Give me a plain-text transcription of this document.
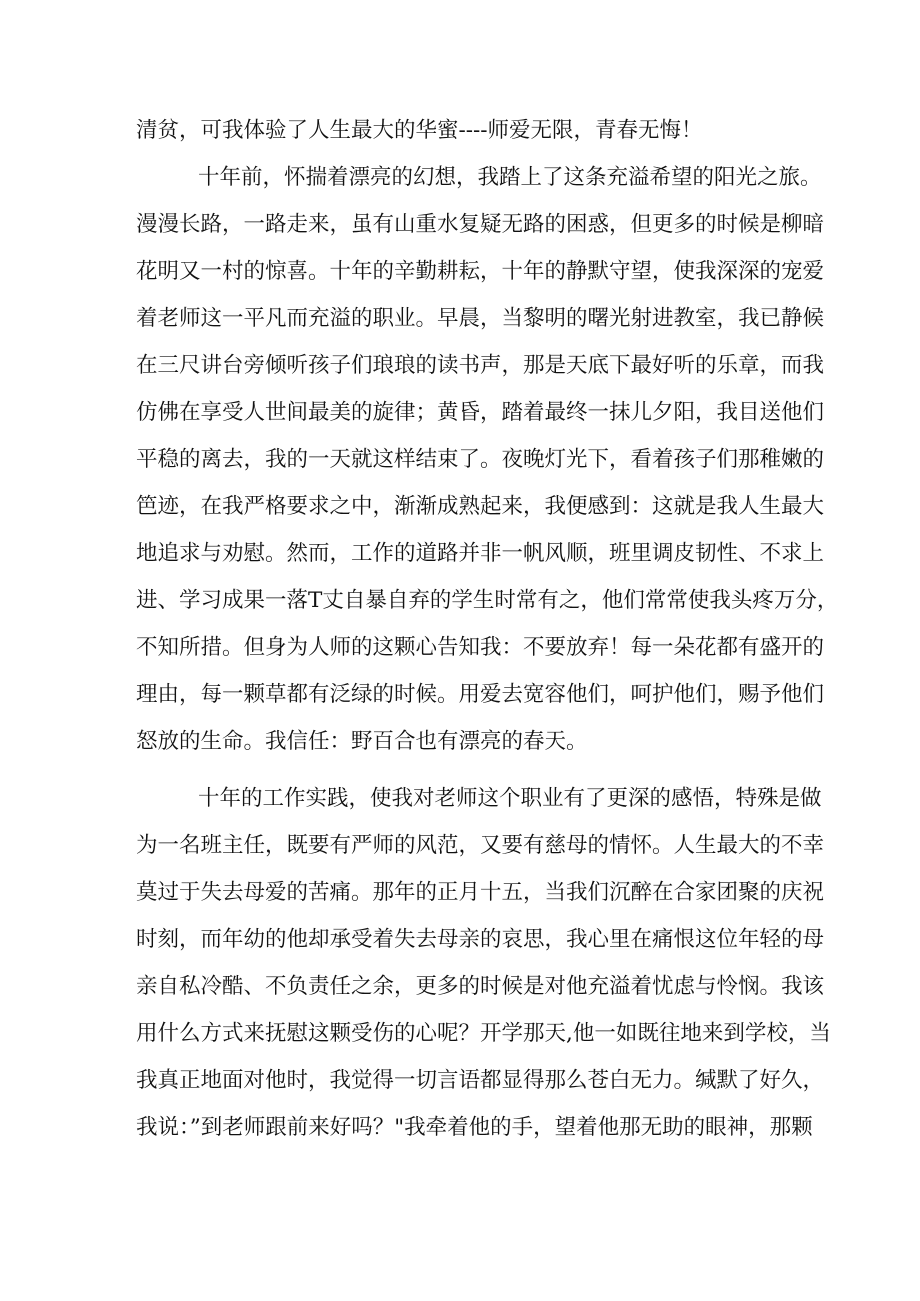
清贫，可我体验了人生最大的华蜜----师爱无限，青春无悔！
十年前，怀揣着漂亮的幻想，我踏上了这条充溢希望的阳光之旅。
漫漫长路，一路走来，虽有山重水复疑无路的困惑，但更多的时候是柳暗
花明又一村的惊喜。十年的辛勤耕耘，十年的静默守望，使我深深的宠爱
着老师这一平凡而充溢的职业。早晨，当黎明的曙光射进教室，我已静候
在三尺讲台旁倾听孩子们琅琅的读书声，那是天底下最好听的乐章，而我
仿佛在享受人世间最美的旋律；黄昏，踏着最终一抹儿夕阳，我目送他们
平稳的离去，我的一天就这样结束了。夜晚灯光下，看着孩子们那稚嫩的
笆迹，在我严格要求之中，渐渐成熟起来，我便感到：这就是我人生最大
地追求与劝慰。然而，工作的道路并非一帆风顺，班里调皮韧性、不求上
进、学习成果一落T丈自暴自弃的学生时常有之，他们常常使我头疼万分，
不知所措。但身为人师的这颗心告知我：不要放弃！每一朵花都有盛开的
理由，每一颗草都有泛绿的时候。用爱去宽容他们，呵护他们，赐予他们
怒放的生命。我信任：野百合也有漂亮的春天。
十年的工作实践，使我对老师这个职业有了更深的感悟，特殊是做
为一名班主任，既要有严师的风范，又要有慈母的情怀。人生最大的不幸
莫过于失去母爱的苦痛。那年的正月十五，当我们沉醉在合家团聚的庆祝
时刻，而年幼的他却承受着失去母亲的哀思，我心里在痛恨这位年轻的母
亲自私冷酷、不负责任之余，更多的时候是对他充溢着忧虑与怜悯。我该
用什么方式来抚慰这颗受伤的心呢？开学那天,他一如既往地来到学校，当
我真正地面对他时，我觉得一切言语都显得那么苍白无力。缄默了好久，
我说：”到老师跟前来好吗？"我牵着他的手，望着他那无助的眼神，那颗
